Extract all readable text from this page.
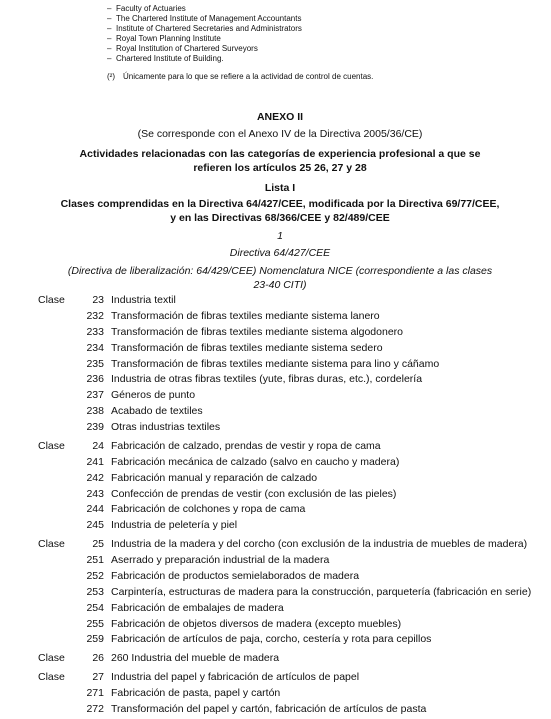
– Faculty of Actuaries
– The Chartered Institute of Management Accountants
– Institute of Chartered Secretaries and Administrators
– Royal Town Planning Institute
– Royal Institution of Chartered Surveyors
– Chartered Institute of Building.
(²) Únicamente para lo que se refiere a la actividad de control de cuentas.
ANEXO II
(Se corresponde con el Anexo IV de la Directiva 2005/36/CE)
Actividades relacionadas con las categorías de experiencia profesional a que se refieren los artículos 25 26, 27 y 28
Lista I
Clases comprendidas en la Directiva 64/427/CEE, modificada por la Directiva 69/77/CEE, y en las Directivas 68/366/CEE y 82/489/CEE
1
Directiva 64/427/CEE
(Directiva de liberalización: 64/429/CEE) Nomenclatura NICE (correspondiente a las clases 23-40 CITI)
Clase	23 Industria textil
232 Transformación de fibras textiles mediante sistema lanero
233 Transformación de fibras textiles mediante sistema algodonero
234 Transformación de fibras textiles mediante sistema sedero
235 Transformación de fibras textiles mediante sistema para lino y cáñamo
236 Industria de otras fibras textiles (yute, fibras duras, etc.), cordelería
237 Géneros de punto
238 Acabado de textiles
239 Otras industrias textiles
Clase	24 Fabricación de calzado, prendas de vestir y ropa de cama
241 Fabricación mecánica de calzado (salvo en caucho y madera)
242 Fabricación manual y reparación de calzado
243 Confección de prendas de vestir (con exclusión de las pieles)
244 Fabricación de colchones y ropa de cama
245 Industria de peletería y piel
Clase	25 Industria de la madera y del corcho (con exclusión de la industria de muebles de madera)
251 Aserrado y preparación industrial de la madera
252 Fabricación de productos semielaborados de madera
253 Carpintería, estructuras de madera para la construcción, parquetería (fabricación en serie)
254 Fabricación de embalajes de madera
255 Fabricación de objetos diversos de madera (excepto muebles)
259 Fabricación de artículos de paja, corcho, cestería y rota para cepillos
Clase	26 260 Industria del mueble de madera
Clase	27 Industria del papel y fabricación de artículos de papel
271 Fabricación de pasta, papel y cartón
272 Transformación del papel y cartón, fabricación de artículos de pasta
